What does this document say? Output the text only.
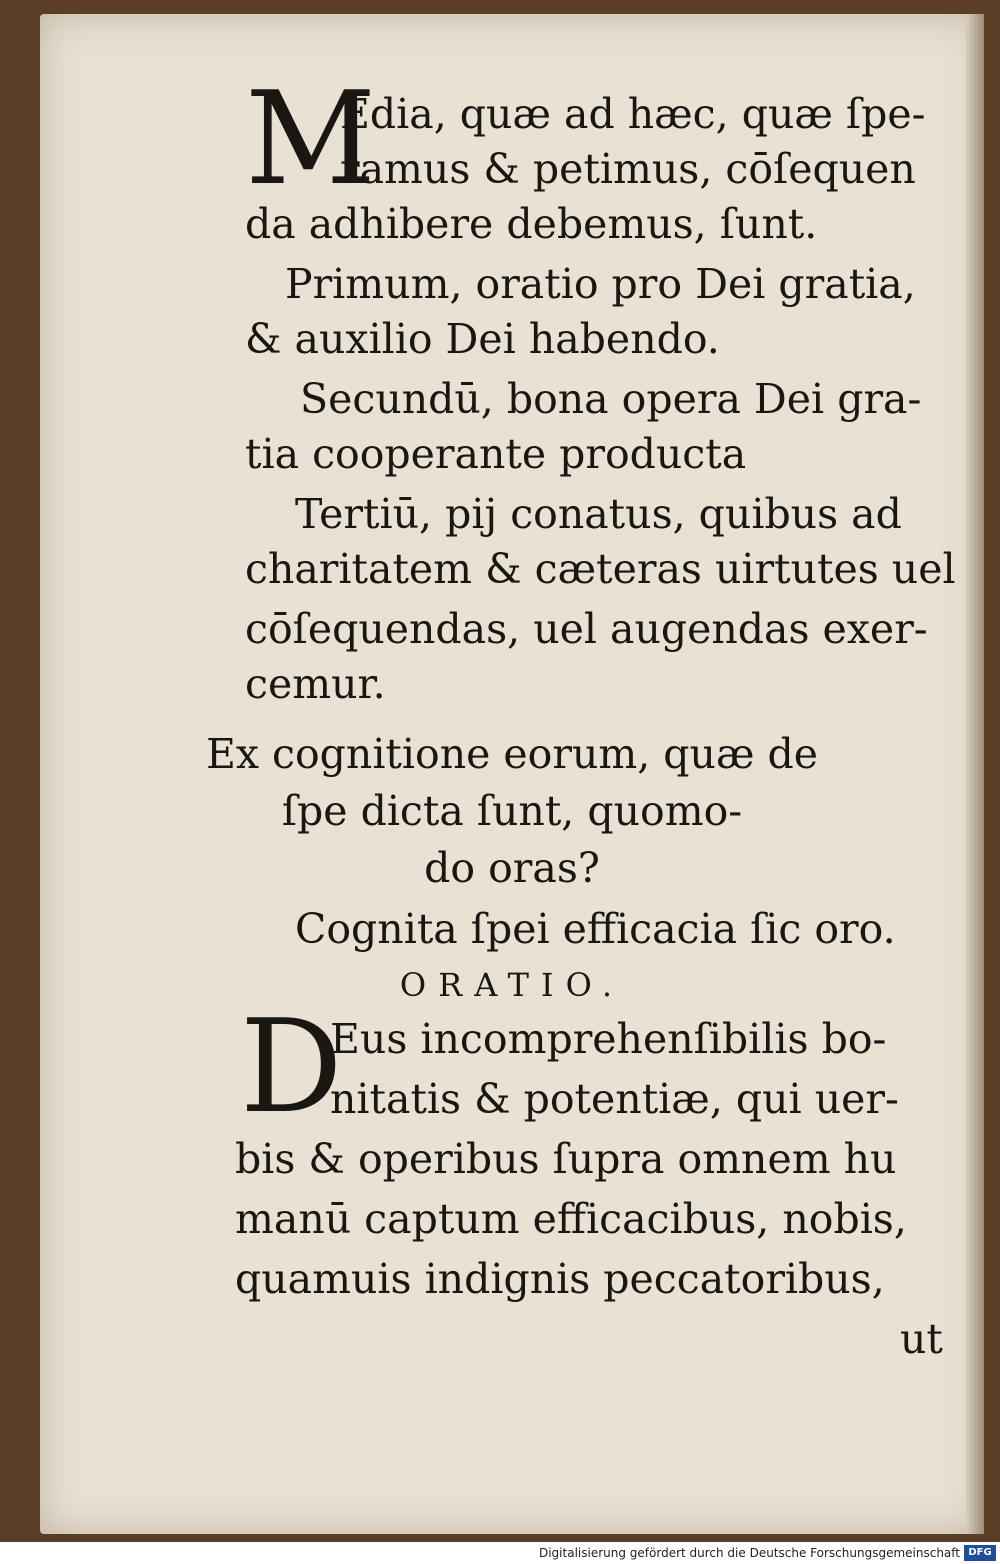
M
Edia, quæ ad hæc, quæ ſpe-
ramus & petimus, cōſequen
da adhibere debemus, ſunt.
Primum, oratio pro Dei gratia,
& auxilio Dei habendo.
Secundū, bona opera Dei gra-
tia cooperante producta
Tertiū, pij conatus, quibus ad
charitatem & cæteras uirtutes uel
cōſequendas, uel augendas exer-
cemur.
Ex cognitione eorum, quæ de
ſpe dicta ſunt, quomo-
do oras?
Cognita ſpei efficacia ſic oro.
ORATIO.
D
Eus incomprehenſibilis bo-
nitatis & potentiæ, qui uer-
bis & operibus ſupra omnem hu
manū captum efficacibus, nobis,
quamuis indignis peccatoribus,
ut
Digitalisierung gefördert durch die Deutsche Forschungsgemeinschaft DFG
